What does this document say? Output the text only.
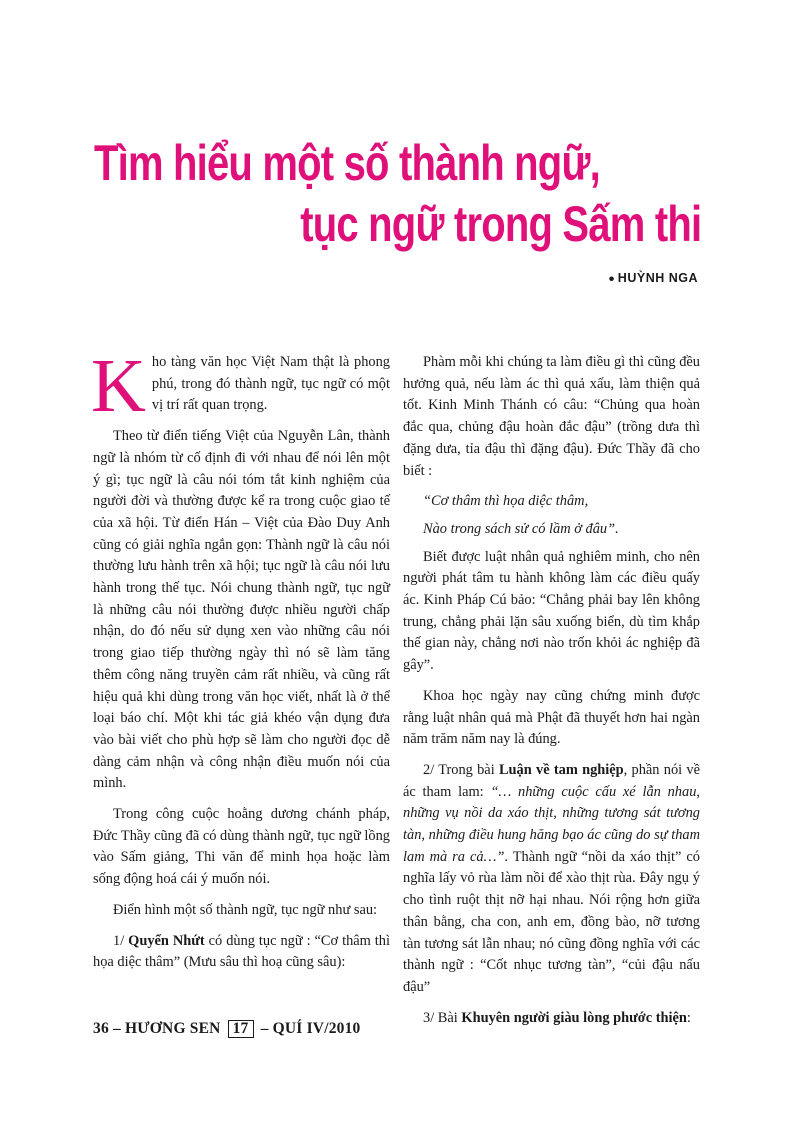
Tìm hiểu một số thành ngữ,
tục ngữ trong Sấm thi
• HUỲNH NGA

Kho tàng văn học Việt Nam thật là phong phú, trong đó thành ngữ, tục ngữ có một vị trí rất quan trọng.

Theo từ điển tiếng Việt của Nguyễn Lân, thành ngữ là nhóm từ cố định đi với nhau để nói lên một ý gì; tục ngữ là câu nói tóm tắt kinh nghiệm của người đời và thường được kể ra trong cuộc giao tế của xã hội. Từ điển Hán – Việt của Đào Duy Anh cũng có giải nghĩa ngắn gọn: Thành ngữ là câu nói thường lưu hành trên xã hội; tục ngữ là câu nói lưu hành trong thế tục. Nói chung thành ngữ, tục ngữ là những câu nói thường được nhiều người chấp nhận, do đó nếu sử dụng xen vào những câu nói trong giao tiếp thường ngày thì nó sẽ làm tăng thêm công năng truyền cảm rất nhiều, và cũng rất hiệu quả khi dùng trong văn học viết, nhất là ở thể loại báo chí. Một khi tác giả khéo vận dụng đưa vào bài viết cho phù hợp sẽ làm cho người đọc dễ dàng cảm nhận và công nhận điều muốn nói của mình.

Trong công cuộc hoằng dương chánh pháp, Đức Thầy cũng đã có dùng thành ngữ, tục ngữ lồng vào Sấm giảng, Thi văn để minh họa hoặc làm sống động hoá cái ý muốn nói.

Điển hình một số thành ngữ, tục ngữ như sau:

1/ Quyển Nhứt có dùng tục ngữ : “Cơ thâm thì họa diệc thâm” (Mưu sâu thì hoạ cũng sâu):

Phàm mỗi khi chúng ta làm điều gì thì cũng đều hưởng quả, nếu làm ác thì quả xấu, làm thiện quả tốt. Kinh Minh Thánh có câu: “Chủng qua hoàn đắc qua, chủng đậu hoàn đắc đậu” (trồng dưa thì đặng dưa, tỉa đậu thì đặng đậu). Đức Thầy đã cho biết :

“Cơ thâm thì họa diệc thâm,

Nào trong sách sử có lầm ở đâu”.

Biết được luật nhân quả nghiêm minh, cho nên người phát tâm tu hành không làm các điều quấy ác. Kinh Pháp Cú bảo: “Chẳng phải bay lên không trung, chẳng phải lặn sâu xuống biển, dù tìm khắp thế gian này, chẳng nơi nào trốn khỏi ác nghiệp đã gây”.

Khoa học ngày nay cũng chứng minh được rằng luật nhân quả mà Phật đã thuyết hơn hai ngàn năm trăm năm nay là đúng.

2/ Trong bài Luận về tam nghiệp, phần nói về ác tham lam: “… những cuộc cấu xé lẫn nhau, những vụ nồi da xáo thịt, những tương sát tương tàn, những điều hung hăng bạo ác cũng do sự tham lam mà ra cả…”. Thành ngữ “nồi da xáo thịt” có nghĩa lấy vỏ rùa làm nồi để xào thịt rùa. Đây ngụ ý cho tình ruột thịt nỡ hại nhau. Nói rộng hơn giữa thân bằng, cha con, anh em, đồng bào, nỡ tương tàn tương sát lẫn nhau; nó cũng đồng nghĩa với các thành ngữ : “Cốt nhục tương tàn”, “củi đậu nấu đậu”

3/ Bài Khuyên người giàu lòng phước thiện:

36 – HƯƠNG SEN 17 – QUÍ IV/2010
